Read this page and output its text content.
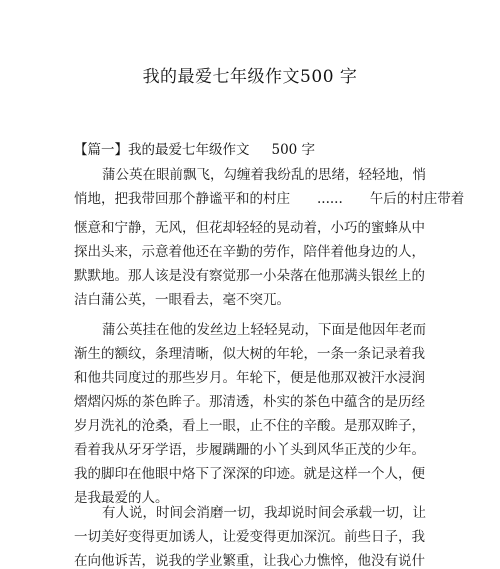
我的最爱七年级作文500 字
【篇一】我的最爱七年级作文 500 字
蒲公英在眼前飘飞，勾缠着我纷乱的思绪，轻轻地，悄
悄地，把我带回那个静谧平和的村庄　　......　　午后的村庄带着
惬意和宁静，无风，但花却轻轻的晃动着，小巧的蜜蜂从中
探出头来，示意着他还在辛勤的劳作，陪伴着他身边的人，
默默地。那人该是没有察觉那一小朵落在他那满头银丝上的
洁白蒲公英，一眼看去，毫不突兀。
蒲公英挂在他的发丝边上轻轻晃动，下面是他因年老而
渐生的额纹，条理清晰，似大树的年轮，一条一条记录着我
和他共同度过的那些岁月。年轮下，便是他那双被汗水浸润
熠熠闪烁的茶色眸子。那清透，朴实的茶色中蕴含的是历经
岁月洗礼的沧桑，看上一眼，止不住的辛酸。是那双眸子，
看着我从牙牙学语，步履蹒跚的小丫头到风华正茂的少年。
我的脚印在他眼中烙下了深深的印迹。就是这样一个人，便
是我最爱的人。
有人说，时间会消磨一切，我却说时间会承载一切，让
一切美好变得更加诱人，让爱变得更加深沉。前些日子，我
在向他诉苦，说我的学业繁重，让我心力憔悴，他没有说什
